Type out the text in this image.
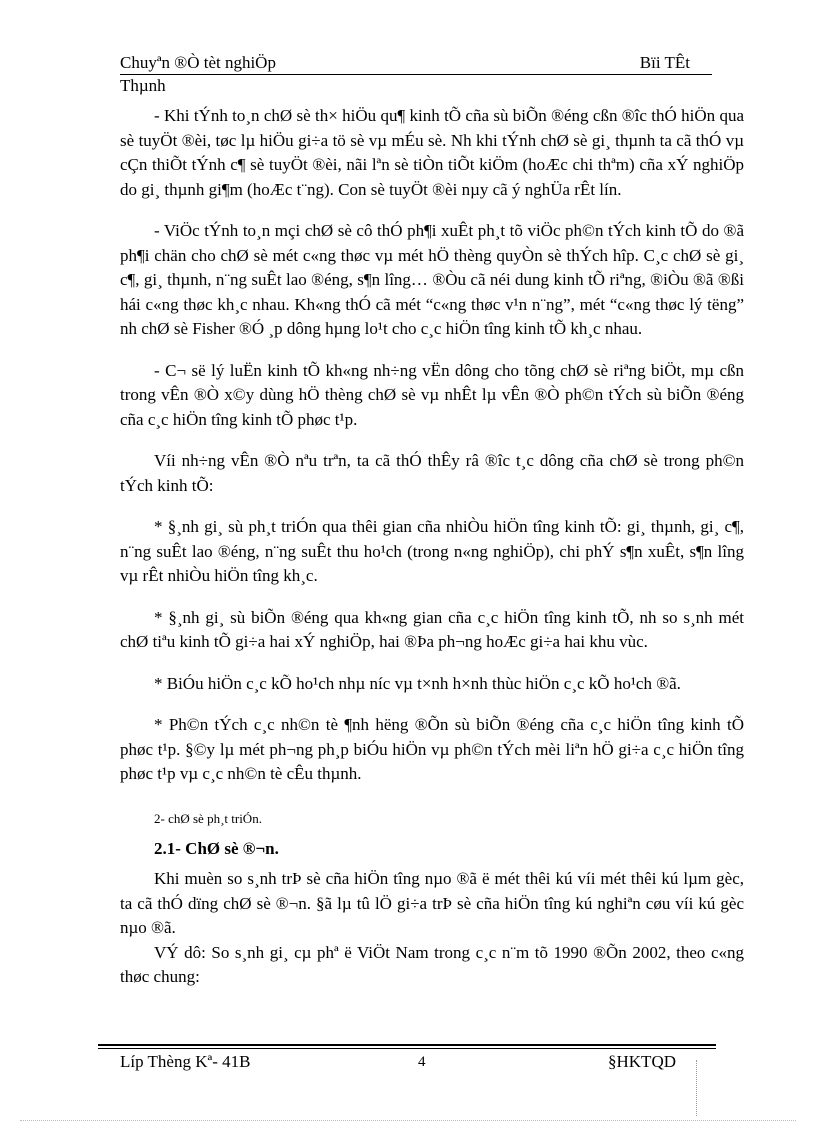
Chuyªn ®Ò tèt nghiÖp	Bïi TÊt
Thµnh

- Khi tÝnh to¸n chØ sè th× hiÖu qu¶ kinh tÕ cña sù biÕn ®éng cßn ®îc thÓ hiÖn qua sè tuyÖt ®èi, tøc lµ hiÖu gi÷a tö sè vµ mÉu sè. Nh khi tÝnh chØ sè gi¸ thµnh ta cã thÓ vµ cÇn thiÕt tÝnh c¶ sè tuyÖt ®èi, nãi lªn sè tiÒn tiÕt kiÖm (hoÆc chi thªm) cña xÝ nghiÖp do gi¸ thµnh gi¶m (hoÆc t¨ng). Con sè tuyÖt ®èi nµy cã ý nghÜa rÊt lín.

- ViÖc tÝnh to¸n mçi chØ sè cô thÓ ph¶i xuÊt ph¸t tõ viÖc ph©n tÝch kinh tÕ do ®ã ph¶i chän cho chØ sè mét c«ng thøc vµ mét hÖ thèng quyÒn sè thÝch hîp. C¸c chØ sè gi¸ c¶, gi¸ thµnh, n¨ng suÊt lao ®éng, s¶n lîng… ®Òu cã néi dung kinh tÕ riªng, ®iÒu ®ã ®ßi hái c«ng thøc kh¸c nhau. Kh«ng thÓ cã mét “c«ng thøc v¹n n¨ng”, mét “c«ng thøc lý tëng” nh chØ sè Fisher ®Ó ¸p dông hµng lo¹t cho c¸c hiÖn tîng kinh tÕ kh¸c nhau.

- C¬ së lý luËn kinh tÕ kh«ng nh÷ng vËn dông cho tõng chØ sè riªng biÖt, mµ cßn trong vÊn ®Ò x©y dùng hÖ thèng chØ sè vµ nhÊt lµ vÊn ®Ò ph©n tÝch sù biÕn ®éng cña c¸c hiÖn tîng kinh tÕ phøc t¹p.

Víi nh÷ng vÊn ®Ò nªu trªn, ta cã thÓ thÊy râ ®îc t¸c dông cña chØ sè trong ph©n tÝch kinh tÕ:

* §¸nh gi¸ sù ph¸t triÓn qua thêi gian cña nhiÒu hiÖn tîng kinh tÕ: gi¸ thµnh, gi¸ c¶, n¨ng suÊt lao ®éng, n¨ng suÊt thu ho¹ch (trong n«ng nghiÖp), chi phÝ s¶n xuÊt, s¶n lîng vµ rÊt nhiÒu hiÖn tîng kh¸c.

* §¸nh gi¸ sù biÕn ®éng qua kh«ng gian cña c¸c hiÖn tîng kinh tÕ, nh so s¸nh mét chØ tiªu kinh tÕ gi÷a hai xÝ nghiÖp, hai ®Þa ph¬ng hoÆc gi÷a hai khu vùc.

* BiÓu hiÖn c¸c kÕ ho¹ch nhµ níc vµ t×nh h×nh thùc hiÖn c¸c kÕ ho¹ch ®ã.

* Ph©n tÝch c¸c nh©n tè ¶nh hëng ®Õn sù biÕn ®éng cña c¸c hiÖn tîng kinh tÕ phøc t¹p. §©y lµ mét ph¬ng ph¸p biÓu hiÖn vµ ph©n tÝch mèi liªn hÖ gi÷a c¸c hiÖn tîng phøc t¹p vµ c¸c nh©n tè cÊu thµnh.

2- chØ sè ph¸t triÓn.

2.1- ChØ sè ®¬n.

Khi muèn so s¸nh trÞ sè cña hiÖn tîng nµo ®ã ë mét thêi kú víi mét thêi kú lµm gèc, ta cã thÓ dïng chØ sè ®¬n. §ã lµ tû lÖ gi÷a trÞ sè cña hiÖn tîng kú nghiªn cøu víi kú gèc nµo ®ã.

VÝ dô: So s¸nh gi¸ cµ phª ë ViÖt Nam trong c¸c n¨m tõ 1990 ®Õn 2002, theo c«ng thøc chung:

Líp Thèng Kª- 41B	4	§HKTQD
